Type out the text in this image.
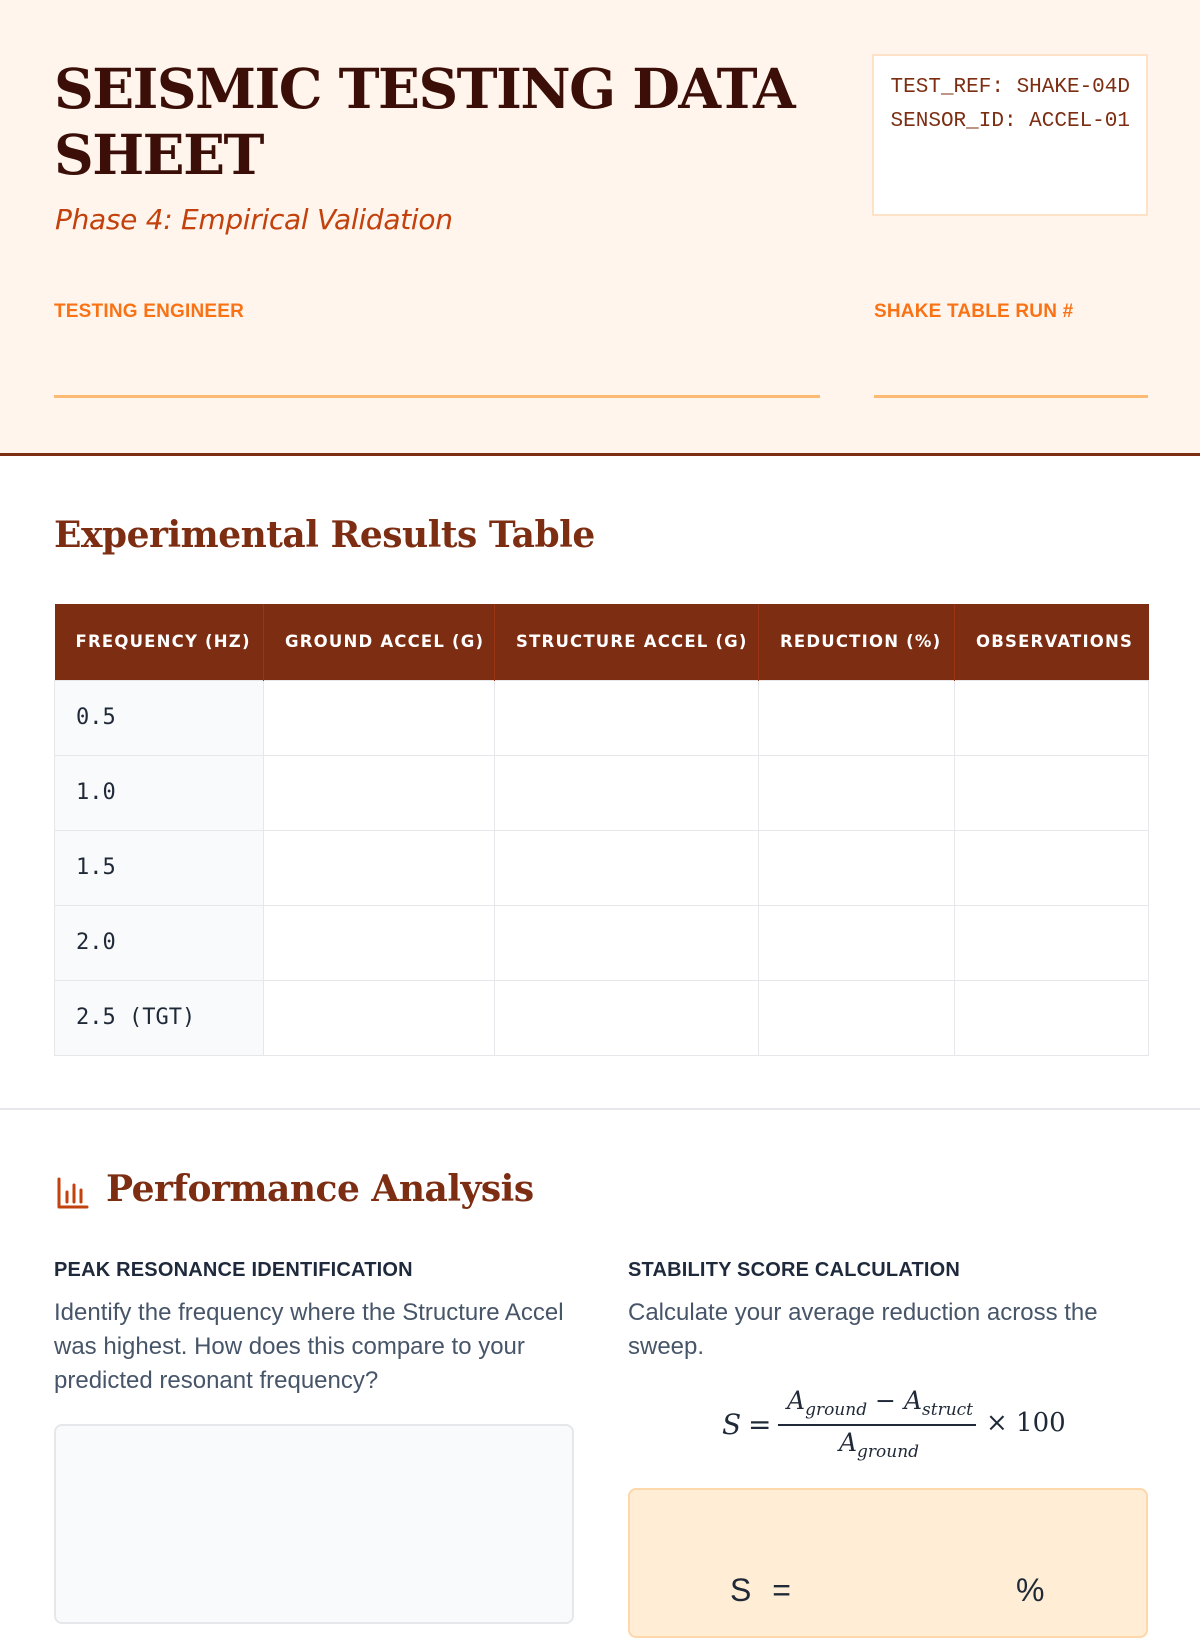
SEISMIC TESTING DATA SHEET
Phase 4: Empirical Validation
TEST_REF: SHAKE-04D
SENSOR_ID: ACCEL-01
TESTING ENGINEER	SHAKE TABLE RUN #
Experimental Results Table
FREQUENCY (HZ)	GROUND ACCEL (G)	STRUCTURE ACCEL (G)	REDUCTION (%)	OBSERVATIONS
0.5				
1.0				
1.5				
2.0				
2.5 (TGT)				
Performance Analysis
PEAK RESONANCE IDENTIFICATION
Identify the frequency where the Structure Accel was highest. How does this compare to your predicted resonant frequency?
STABILITY SCORE CALCULATION
Calculate your average reduction across the sweep.
S =
$A_{ground} - A_{struct}$
$A_{ground}$
× 100
S =	%
